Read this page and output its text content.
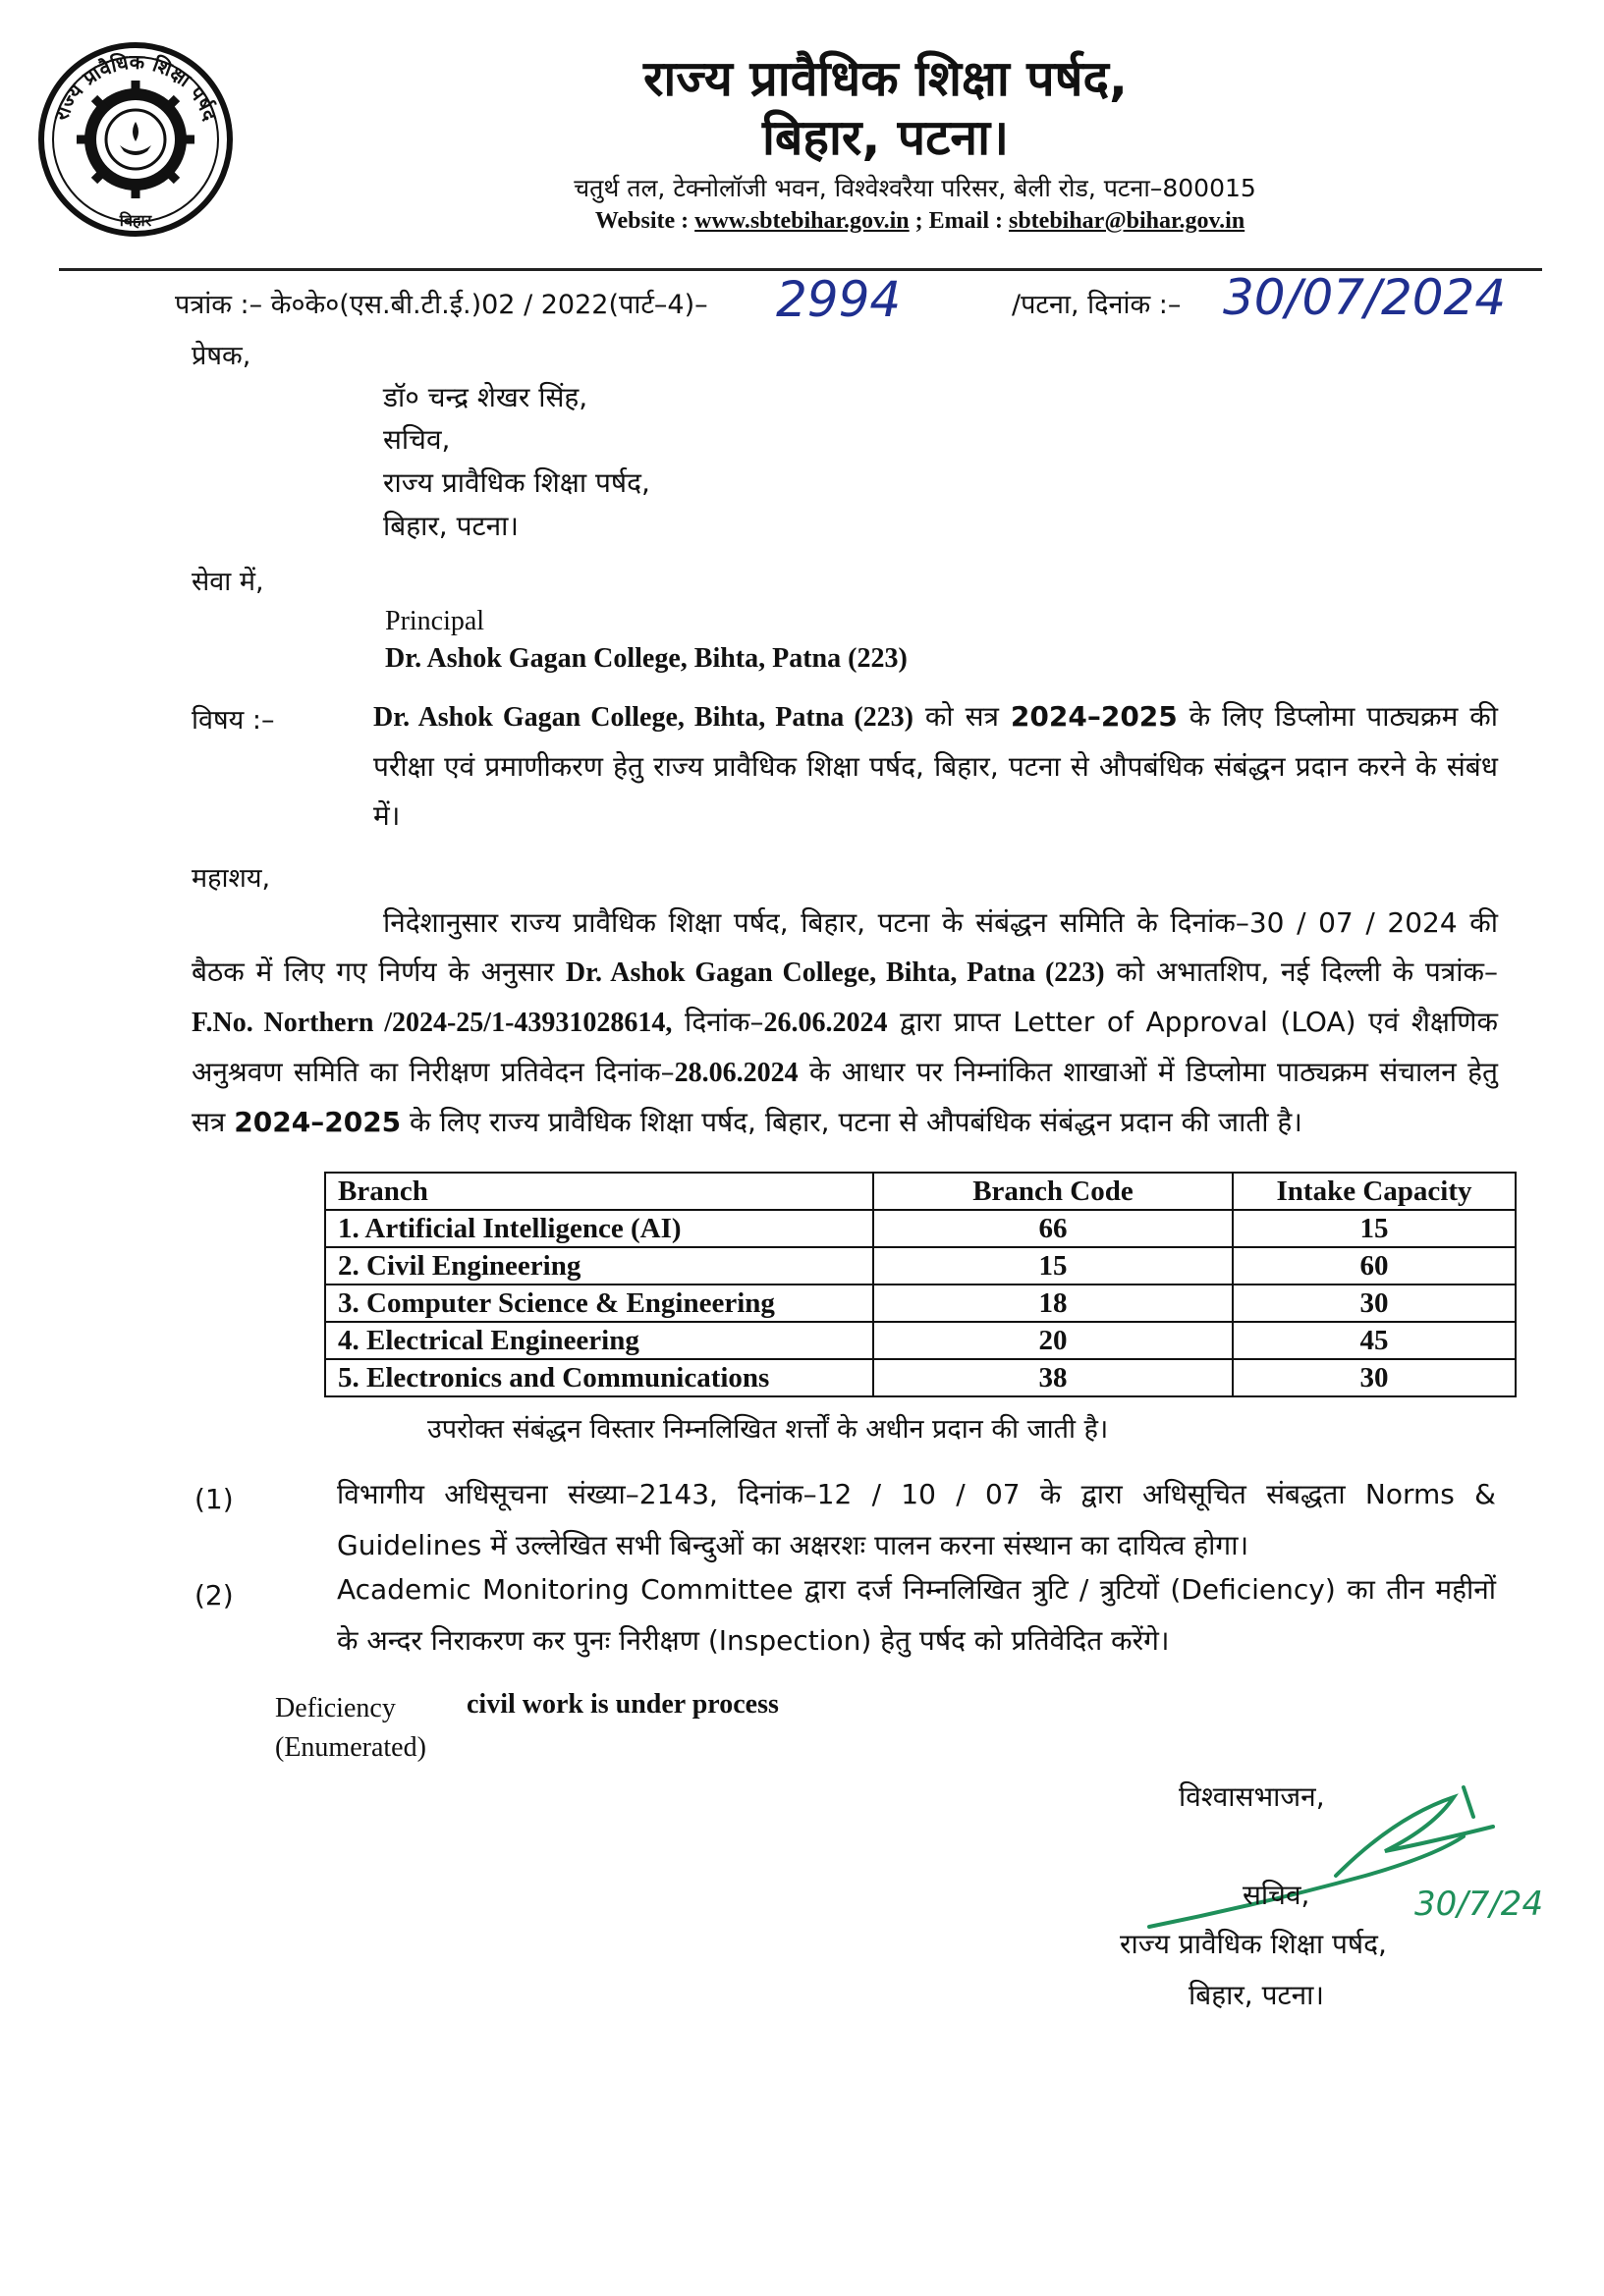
राज्य प्रावैधिक शिक्षा पर्षद
बिहार
राज्य प्रावैधिक शिक्षा पर्षद,
बिहार, पटना।
चतुर्थ तल, टेक्नोलॉजी भवन, विश्वेश्वरैया परिसर, बेली रोड, पटना–800015
Website : www.sbtebihar.gov.in ; Email : sbtebihar@bihar.gov.in
पत्रांक :– के०के०(एस.बी.टी.ई.)02 / 2022(पार्ट–4)– 2994	/पटना, दिनांक :– 30/07/2024
प्रेषक,
डॉ० चन्द्र शेखर सिंह,
सचिव,
राज्य प्रावैधिक शिक्षा पर्षद,
बिहार, पटना।
सेवा में,
Principal
Dr. Ashok Gagan College, Bihta, Patna (223)
विषय :–	Dr. Ashok Gagan College, Bihta, Patna (223) को सत्र 2024–2025 के लिए डिप्लोमा पाठ्यक्रम की परीक्षा एवं प्रमाणीकरण हेतु राज्य प्रावैधिक शिक्षा पर्षद, बिहार, पटना से औपबंधिक संबंद्धन प्रदान करने के संबंध में।
महाशय,
निदेशानुसार राज्य प्रावैधिक शिक्षा पर्षद, बिहार, पटना के संबंद्धन समिति के दिनांक–30 / 07 / 2024 की बैठक में लिए गए निर्णय के अनुसार Dr. Ashok Gagan College, Bihta, Patna (223) को अभातशिप, नई दिल्ली के पत्रांक–F.No. Northern /2024-25/1-43931028614, दिनांक–26.06.2024 द्वारा प्राप्त Letter of Approval (LOA) एवं शैक्षणिक अनुश्रवण समिति का निरीक्षण प्रतिवेदन दिनांक–28.06.2024 के आधार पर निम्नांकित शाखाओं में डिप्लोमा पाठ्यक्रम संचालन हेतु सत्र 2024–2025 के लिए राज्य प्रावैधिक शिक्षा पर्षद, बिहार, पटना से औपबंधिक संबंद्धन प्रदान की जाती है।
Branch	Branch Code	Intake Capacity
1. Artificial Intelligence (AI)	66	15
2. Civil Engineering	15	60
3. Computer Science & Engineering	18	30
4. Electrical Engineering	20	45
5. Electronics and Communications	38	30
उपरोक्त संबंद्धन विस्तार निम्नलिखित शर्त्तों के अधीन प्रदान की जाती है।
(1)	विभागीय अधिसूचना संख्या–2143, दिनांक–12 / 10 / 07 के द्वारा अधिसूचित संबद्धता Norms & Guidelines में उल्लेखित सभी बिन्दुओं का अक्षरशः पालन करना संस्थान का दायित्व होगा।
(2)	Academic Monitoring Committee द्वारा दर्ज निम्नलिखित त्रुटि / त्रुटियों (Deficiency) का तीन महीनों के अन्दर निराकरण कर पुनः निरीक्षण (Inspection) हेतु पर्षद को प्रतिवेदित करेंगे।
Deficiency
(Enumerated)
civil work is under process
विश्वासभाजन,
30/7/24
सचिव,
राज्य प्रावैधिक शिक्षा पर्षद,
बिहार, पटना।
